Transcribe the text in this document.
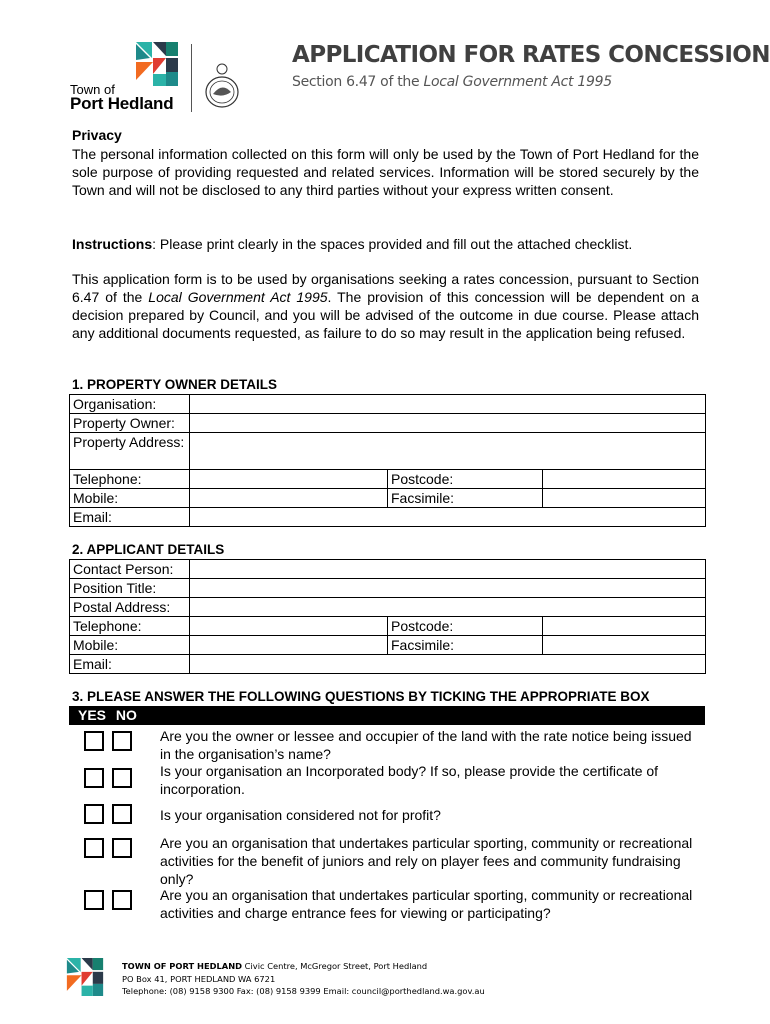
Town of
Port Hedland
APPLICATION FOR RATES CONCESSION
Section 6.47 of the Local Government Act 1995
Privacy
The personal information collected on this form will only be used by the Town of Port Hedland for the sole purpose of providing requested and related services. Information will be stored securely by the Town and will not be disclosed to any third parties without your express written consent.
Instructions: Please print clearly in the spaces provided and fill out the attached checklist.
This application form is to be used by organisations seeking a rates concession, pursuant to Section 6.47 of the Local Government Act 1995. The provision of this concession will be dependent on a decision prepared by Council, and you will be advised of the outcome in due course. Please attach any additional documents requested, as failure to do so may result in the application being refused.
1. PROPERTY OWNER DETAILS
Organisation:			
Property Owner:			
Property Address:			
Telephone:		Postcode:	
Mobile:		Facsimile:	
Email:			
2. APPLICANT DETAILS
Contact Person:			
Position Title:			
Postal Address:			
Telephone:		Postcode:	
Mobile:		Facsimile:	
Email:			
3. PLEASE ANSWER THE FOLLOWING QUESTIONS BY TICKING THE APPROPRIATE BOX
YES NO
Are you the owner or lessee and occupier of the land with the rate notice being issued in the organisation’s name?
Is your organisation an Incorporated body? If so, please provide the certificate of incorporation.
Is your organisation considered not for profit?
Are you an organisation that undertakes particular sporting, community or recreational activities for the benefit of juniors and rely on player fees and community fundraising only?
Are you an organisation that undertakes particular sporting, community or recreational activities and charge entrance fees for viewing or participating?
TOWN OF PORT HEDLAND Civic Centre, McGregor Street, Port Hedland
PO Box 41, PORT HEDLAND WA 6721
Telephone: (08) 9158 9300 Fax: (08) 9158 9399 Email: council@porthedland.wa.gov.au
